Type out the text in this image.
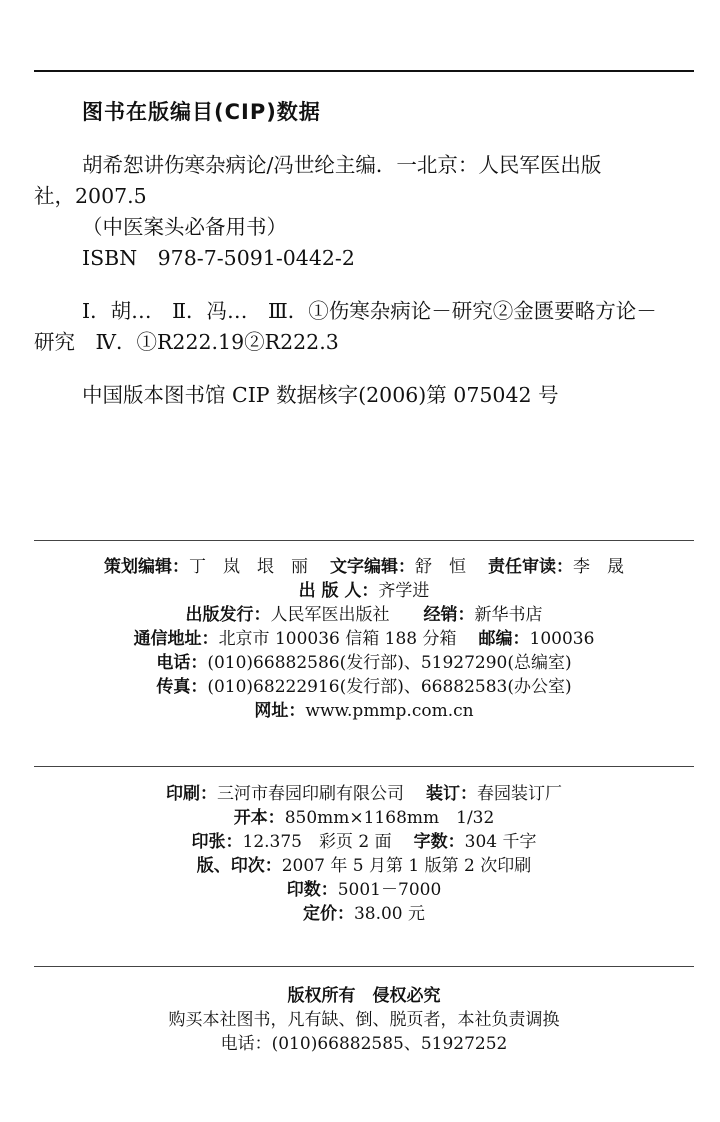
图书在版编目(CIP)数据

胡希恕讲伤寒杂病论/冯世纶主编．一北京：人民军医出版

社，2007.5

（中医案头必备用书）

ISBN　978-7-5091-0442-2

Ⅰ．胡…　Ⅱ．冯…　Ⅲ．①伤寒杂病论－研究②金匮要略方论－

研究　Ⅳ．①R222.19②R222.3

中国版本图书馆 CIP 数据核字(2006)第 075042 号

策划编辑：丁　岚　垠　丽 文字编辑：舒　恒 责任审读：李　晟

出 版 人：齐学进

出版发行：人民军医出版社 经销：新华书店

通信地址：北京市 100036 信箱 188 分箱 邮编：100036

电话：(010)66882586(发行部)、51927290(总编室)

传真：(010)68222916(发行部)、66882583(办公室)

网址：www.pmmp.com.cn

印刷：三河市春园印刷有限公司 装订：春园装订厂

开本：850mm×1168mm　1/32

印张：12.375　彩页 2 面 字数：304 千字

版、印次：2007 年 5 月第 1 版第 2 次印刷

印数：5001－7000

定价：38.00 元

版权所有　侵权必究

购买本社图书，凡有缺、倒、脱页者，本社负责调换

电话：(010)66882585、51927252
